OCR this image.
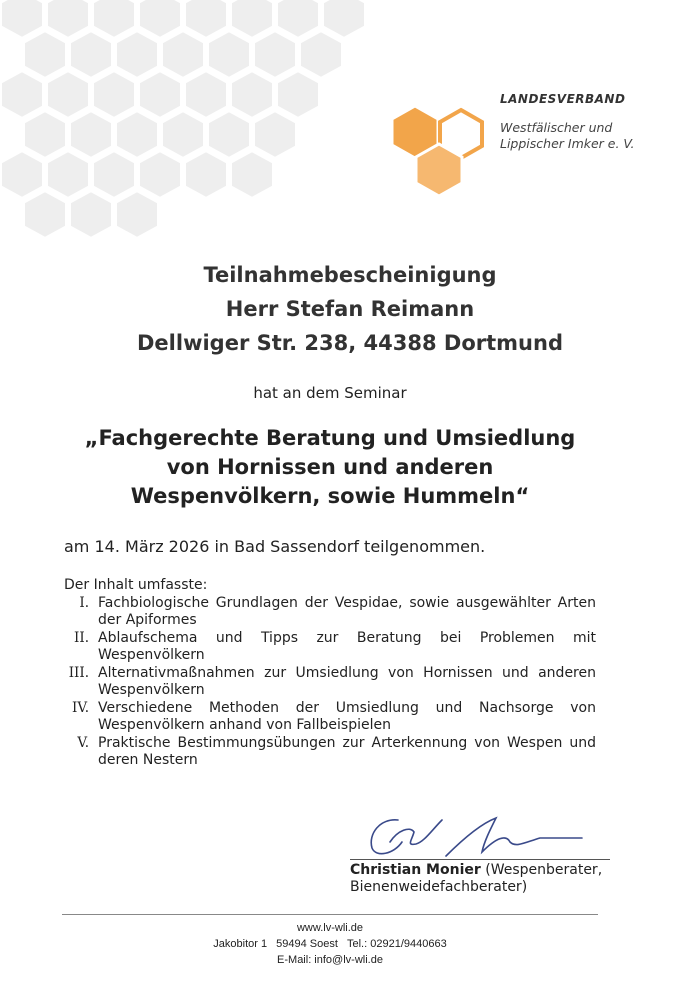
LANDESVERBAND
Westfälischer und
Lippischer Imker e. V.
Teilnahmebescheinigung
Herr Stefan Reimann
Dellwiger Str. 238, 44388 Dortmund
hat an dem Seminar
„Fachgerechte Beratung und Umsiedlung
von Hornissen und anderen
Wespenvölkern, sowie Hummeln“
am 14. März 2026 in Bad Sassendorf teilgenommen.
Der Inhalt umfasste:
I. Fachbiologische Grundlagen der Vespidae, sowie ausgewählter Arten der Apiformes
II. Ablaufschema und Tipps zur Beratung bei Problemen mit Wespenvölkern
III. Alternativmaßnahmen zur Umsiedlung von Hornissen und anderen Wespenvölkern
IV. Verschiedene Methoden der Umsiedlung und Nachsorge von Wespenvölkern anhand von Fallbeispielen
V. Praktische Bestimmungsübungen zur Arterkennung von Wespen und deren Nestern
Christian Monier (Wespenberater,
Bienenweidefachberater)
www.lv-wli.de
Jakobitor 1 59494 Soest Tel.: 02921/9440663
E-Mail: info@lv-wli.de
